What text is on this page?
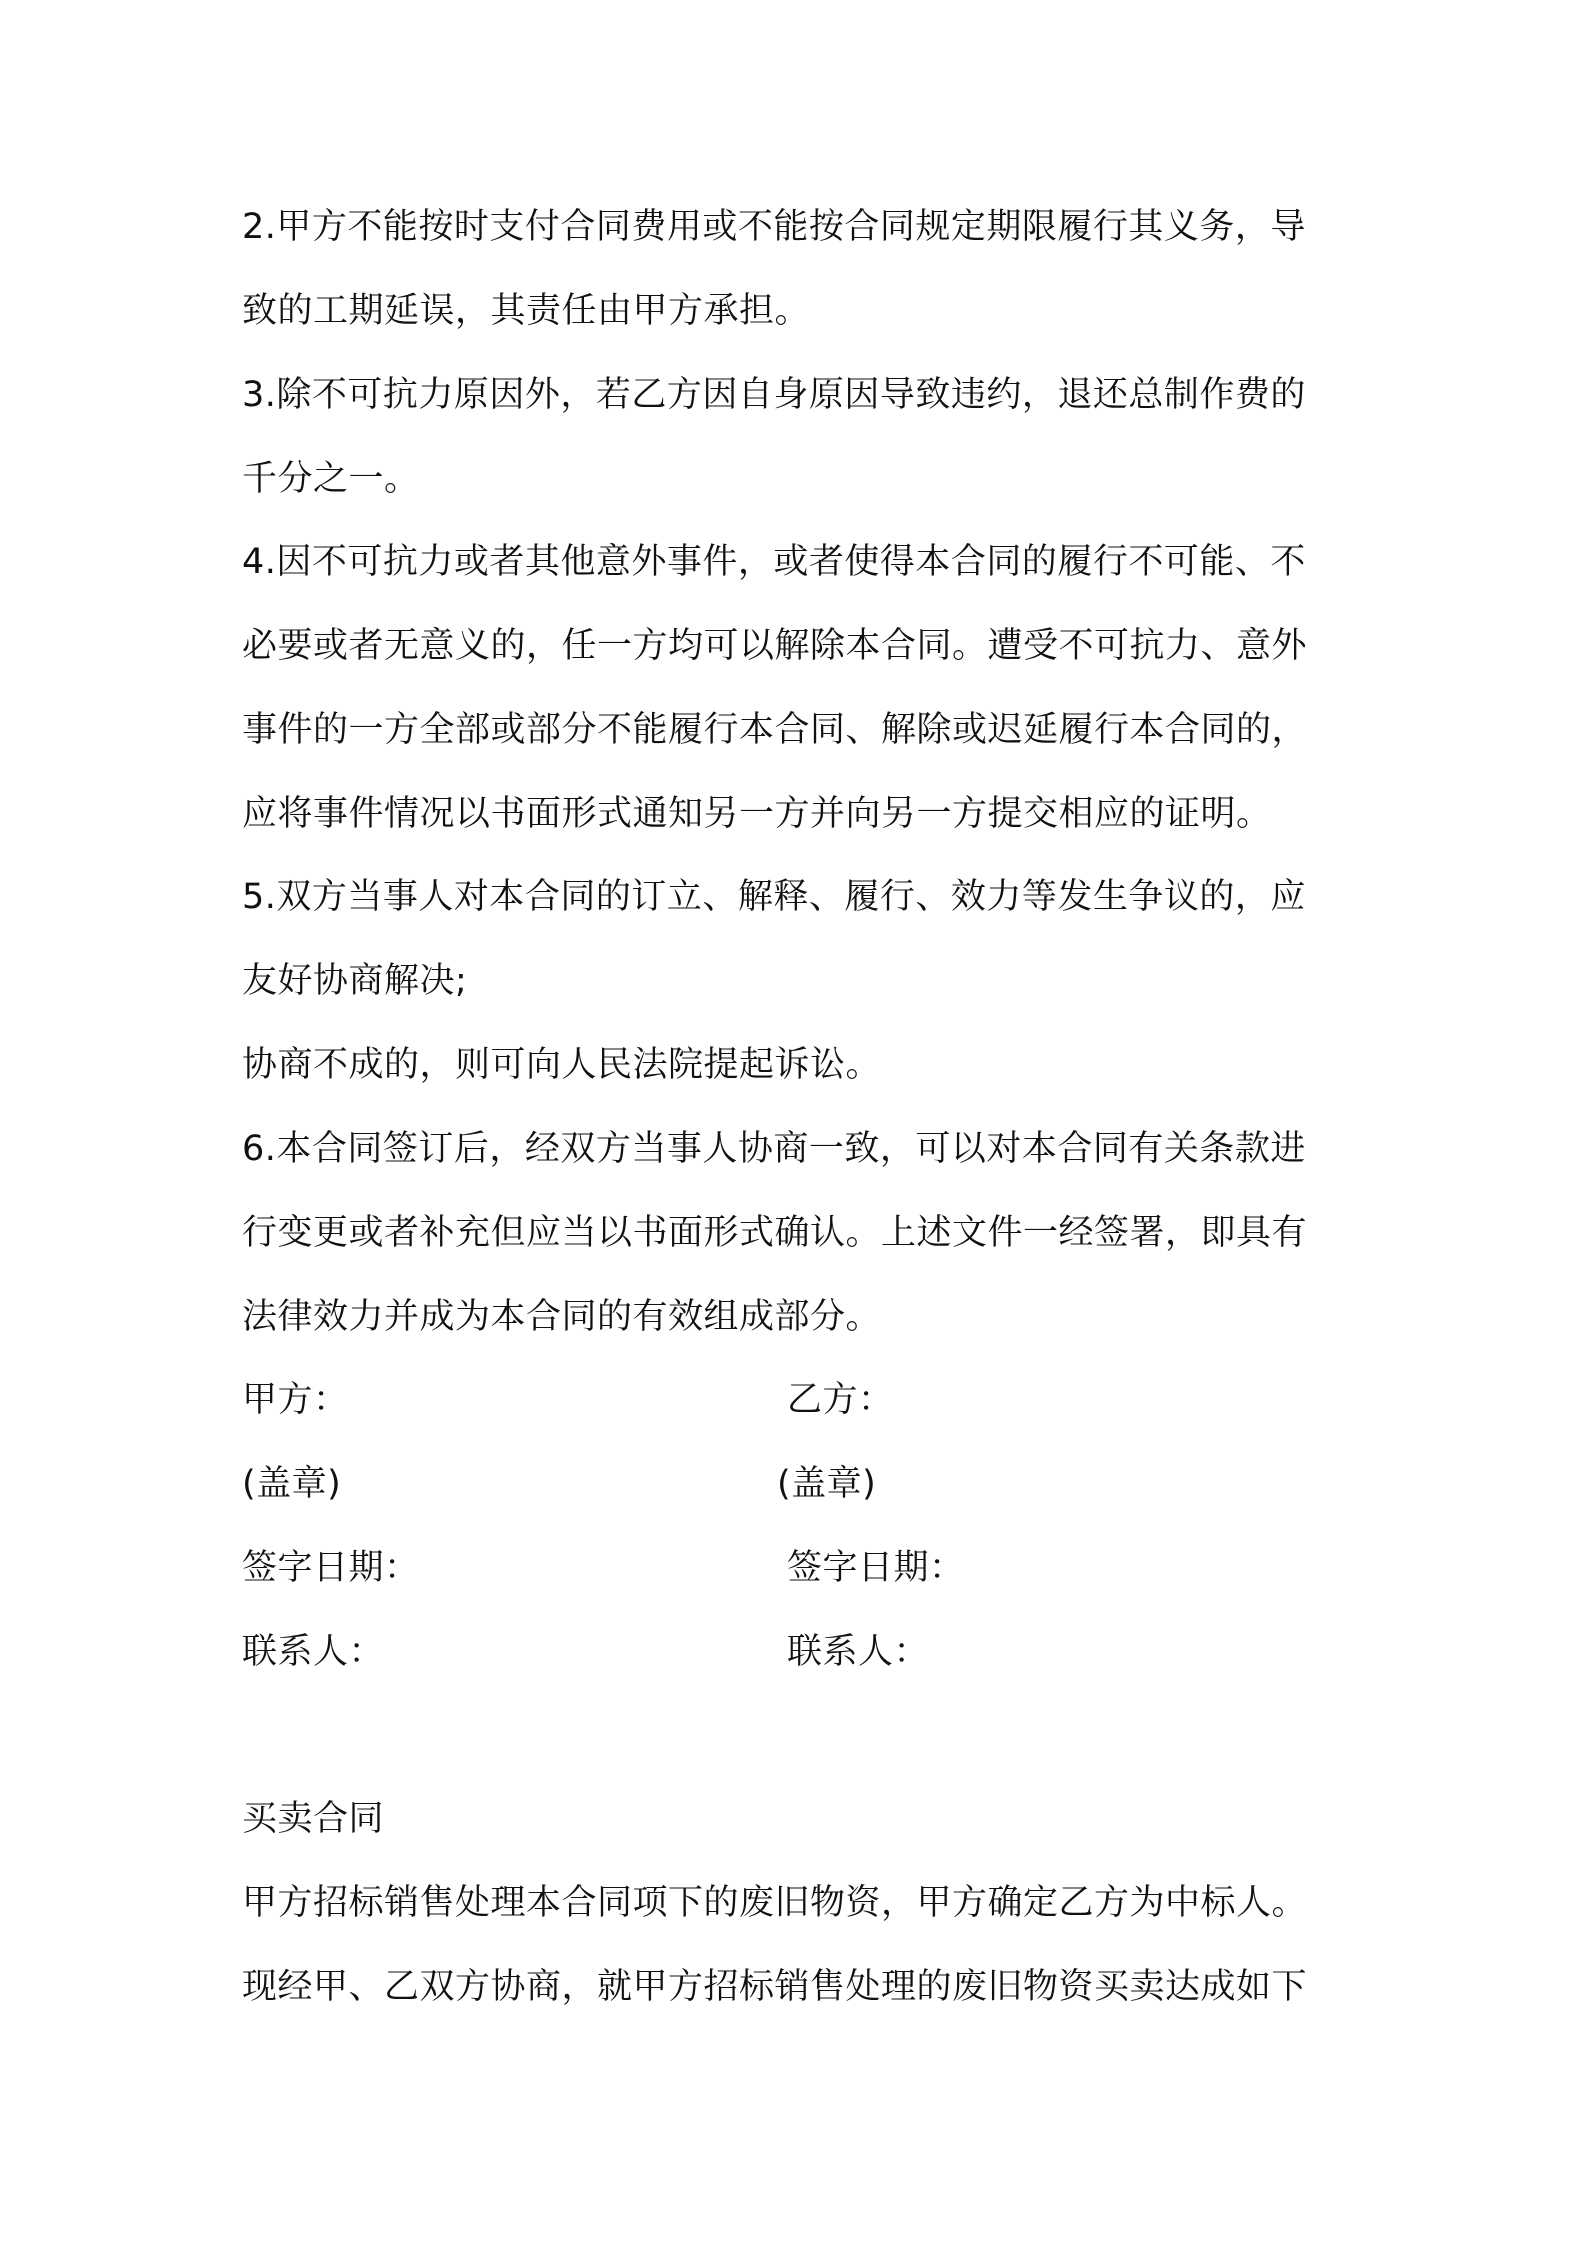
2.甲方不能按时支付合同费用或不能按合同规定期限履行其义务，导
致的工期延误，其责任由甲方承担。
3.除不可抗力原因外，若乙方因自身原因导致违约，退还总制作费的
千分之一。
4.因不可抗力或者其他意外事件，或者使得本合同的履行不可能、不
必要或者无意义的，任一方均可以解除本合同。遭受不可抗力、意外
事件的一方全部或部分不能履行本合同、解除或迟延履行本合同的，
应将事件情况以书面形式通知另一方并向另一方提交相应的证明。
5.双方当事人对本合同的订立、解释、履行、效力等发生争议的，应
友好协商解决;
协商不成的，则可向人民法院提起诉讼。
6.本合同签订后，经双方当事人协商一致，可以对本合同有关条款进
行变更或者补充但应当以书面形式确认。上述文件一经签署，即具有
法律效力并成为本合同的有效组成部分。
甲方：	乙方：
(盖章)	(盖章)
签字日期：	签字日期：
联系人：	联系人：
买卖合同
甲方招标销售处理本合同项下的废旧物资，甲方确定乙方为中标人。
现经甲、乙双方协商，就甲方招标销售处理的废旧物资买卖达成如下
